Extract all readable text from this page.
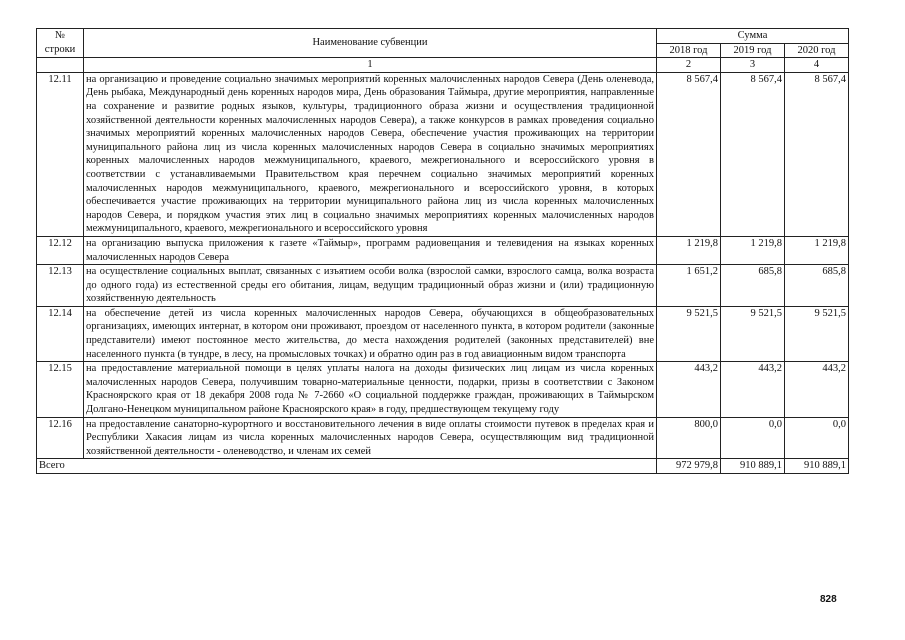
№
строки	Наименование субвенции	Сумма		
		2018 год	2019 год	2020 год
	1	2	3	4
12.11	на организацию и проведение социально значимых мероприятий коренных малочисленных народов Севера (День оленевода, День рыбака, Международный день коренных народов мира, День образования Таймыра, другие мероприятия, направленные на сохранение и развитие родных языков, культуры, традиционного образа жизни и осуществления традиционной хозяйственной деятельности коренных малочисленных народов Севера), а также конкурсов в рамках проведения социально значимых мероприятий коренных малочисленных народов Севера, обеспечение участия проживающих на территории муниципального района лиц из числа коренных малочисленных народов Севера в социально значимых мероприятиях коренных малочисленных народов межмуниципального, краевого, межрегионального и всероссийского уровня в соответствии с устанавливаемыми Правительством края перечнем социально значимых мероприятий коренных малочисленных народов межмуниципального, краевого, межрегионального и всероссийского уровня, в которых обеспечивается участие проживающих на территории муниципального района лиц из числа коренных малочисленных народов Севера, и порядком участия этих лиц в социально значимых мероприятиях коренных малочисленных народов межмуниципального, краевого, межрегионального и всероссийского уровня	8 567,4	8 567,4	8 567,4
12.12	на организацию выпуска приложения к газете «Таймыр», программ радиовещания и телевидения на языках коренных малочисленных народов Севера	1 219,8	1 219,8	1 219,8
12.13	на осуществление социальных выплат, связанных с изъятием особи волка (взрослой самки, взрослого самца, волка возраста до одного года) из естественной среды его обитания, лицам, ведущим традиционный образ жизни и (или) традиционную хозяйственную деятельность	1 651,2	685,8	685,8
12.14	на обеспечение детей из числа коренных малочисленных народов Севера, обучающихся в общеобразовательных организациях, имеющих интернат, в котором они проживают, проездом от населенного пункта, в котором родители (законные представители) имеют постоянное место жительства, до места нахождения родителей (законных представителей) вне населенного пункта (в тундре, в лесу, на промысловых точках) и обратно один раз в год авиационным видом транспорта	9 521,5	9 521,5	9 521,5
12.15	на предоставление материальной помощи в целях уплаты налога на доходы физических лиц лицам из числа коренных малочисленных народов Севера, получившим товарно-материальные ценности, подарки, призы в соответствии с Законом Красноярского края от 18 декабря 2008 года № 7-2660 «О социальной поддержке граждан, проживающих в Таймырском Долгано-Ненецком муниципальном районе Красноярского края» в году, предшествующем текущему году	443,2	443,2	443,2
12.16	на предоставление санаторно-курортного и восстановительного лечения в виде оплаты стоимости путевок в пределах края и Республики Хакасия лицам из числа коренных малочисленных народов Севера, осуществляющим вид традиционной хозяйственной деятельности - оленеводство, и членам их семей	800,0	0,0	0,0
Всего		972 979,8	910 889,1	910 889,1
828
